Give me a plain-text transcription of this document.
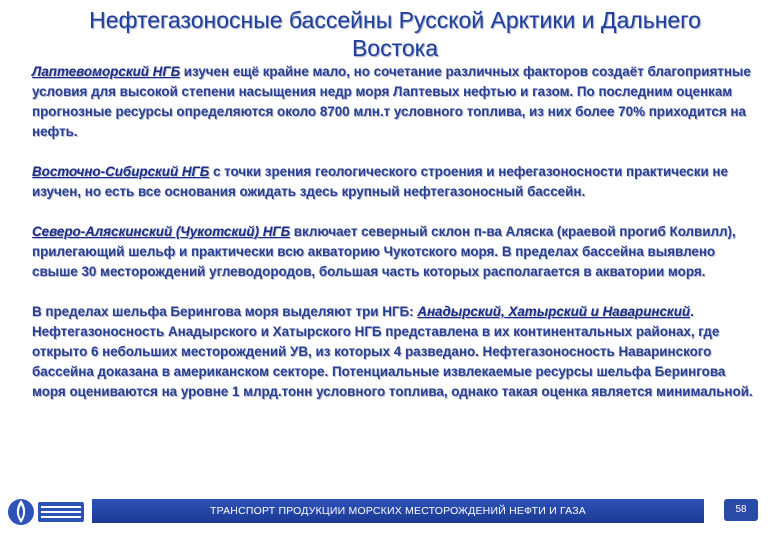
Нефтегазоносные бассейны Русской Арктики и Дальнего Востока

Лаптевоморский НГБ изучен ещё крайне мало, но сочетание различных факторов создаёт благоприятные условия для высокой степени насыщения недр моря Лаптевых нефтью и газом. По последним оценкам прогнозные ресурсы определяются около 8700 млн.т условного топлива, из них более 70% приходится на нефть.

Восточно-Сибирский НГБ с точки зрения геологического строения и нефегазоносности практически не изучен, но есть все основания ожидать здесь крупный нефтегазоносный бассейн.

Северо-Аляскинский (Чукотский) НГБ включает северный склон п-ва Аляска (краевой прогиб Колвилл), прилегающий шельф и практически всю акваторию Чукотского моря. В пределах бассейна выявлено свыше 30 месторождений углеводородов, большая часть которых располагается в акватории моря.

В пределах шельфа Берингова моря выделяют три НГБ: Анадырский, Хатырский и Наваринский. Нефтегазоносность Анадырского и Хатырского НГБ представлена в их континентальных районах, где открыто 6 небольших месторождений УВ, из которых 4 разведано. Нефтегазоносность Наваринского бассейна доказана в американском секторе. Потенциальные извлекаемые ресурсы шельфа Берингова моря оцениваются на уровне 1 млрд.тонн условного топлива, однако такая оценка является минимальной.

ТРАНСПОРТ ПРОДУКЦИИ МОРСКИХ МЕСТОРОЖДЕНИЙ НЕФТИ И ГАЗА	58
